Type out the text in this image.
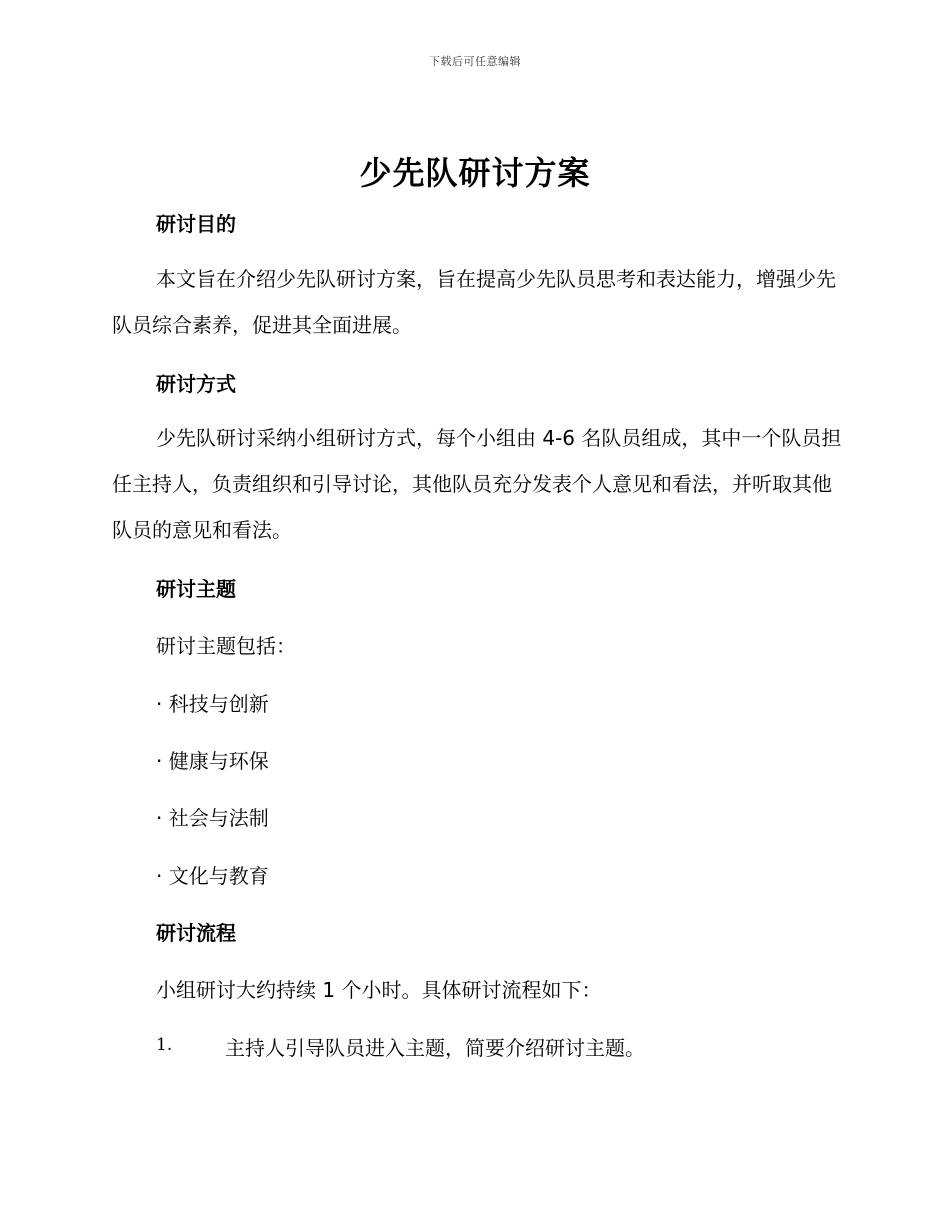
下载后可任意编辑
少先队研讨方案
研讨目的
本文旨在介绍少先队研讨方案，旨在提高少先队员思考和表达能力，增强少先队员综合素养，促进其全面进展。
研讨方式
少先队研讨采纳小组研讨方式，每个小组由 4-6 名队员组成，其中一个队员担任主持人，负责组织和引导讨论，其他队员充分发表个人意见和看法，并听取其他队员的意见和看法。
研讨主题
研讨主题包括：
· 科技与创新
· 健康与环保
· 社会与法制
· 文化与教育
研讨流程
小组研讨大约持续 1 个小时。具体研讨流程如下：
1.	主持人引导队员进入主题，简要介绍研讨主题。
